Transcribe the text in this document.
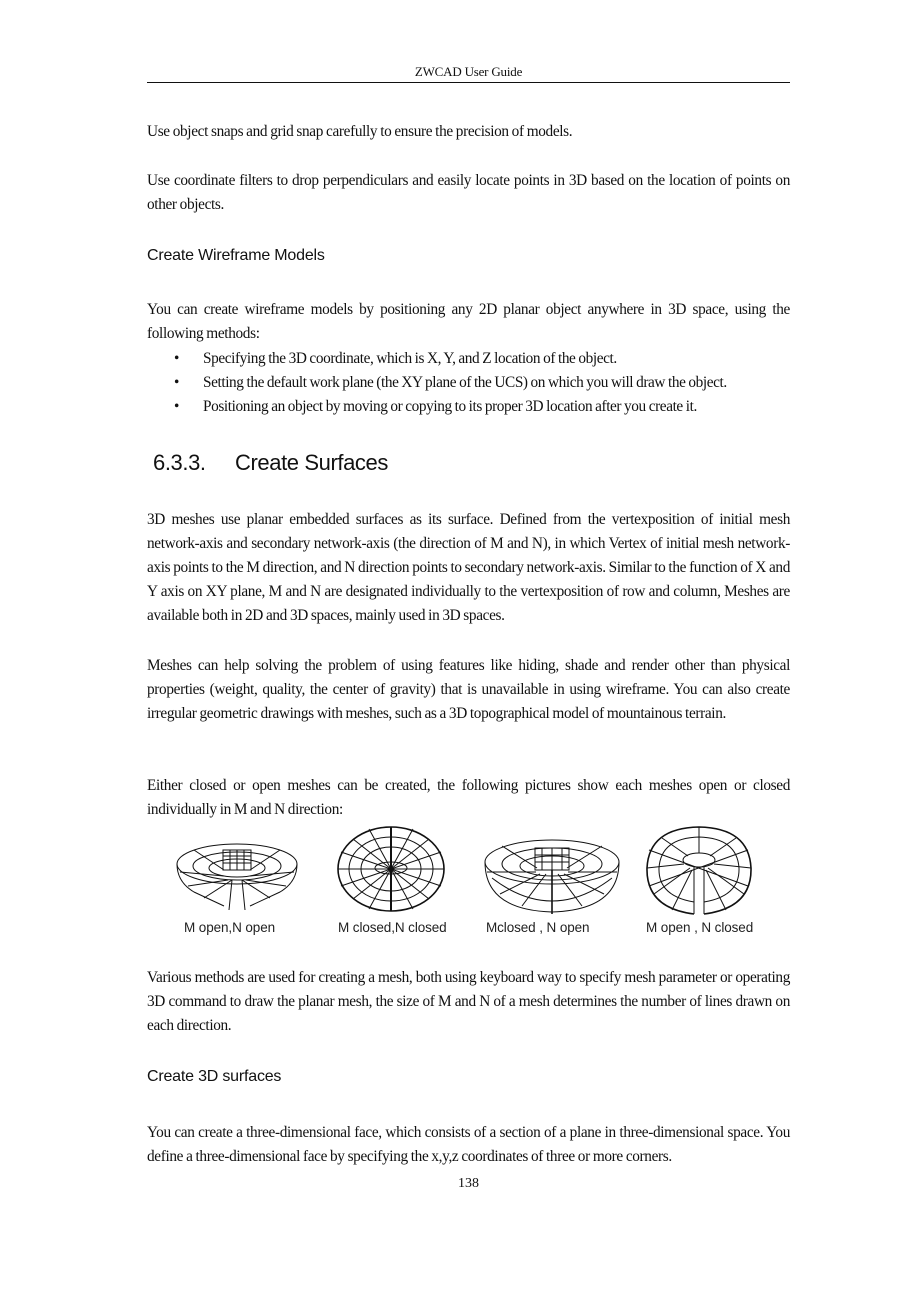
ZWCAD User Guide
Use object snaps and grid snap carefully to ensure the precision of models.
Use coordinate filters to drop perpendiculars and easily locate points in 3D based on the location of points on other objects.
Create Wireframe Models
You can create wireframe models by positioning any 2D planar object anywhere in 3D space, using the following methods:
• Specifying the 3D coordinate, which is X, Y, and Z location of the object.
• Setting the default work plane (the XY plane of the UCS) on which you will draw the object.
• Positioning an object by moving or copying to its proper 3D location after you create it.
6.3.3. Create Surfaces
3D meshes use planar embedded surfaces as its surface. Defined from the vertexposition of initial mesh network-axis and secondary network-axis (the direction of M and N), in which Vertex of initial mesh network-axis points to the M direction, and N direction points to secondary network-axis. Similar to the function of X and Y axis on XY plane, M and N are designated individually to the vertexposition of row and column, Meshes are available both in 2D and 3D spaces, mainly used in 3D spaces.
Meshes can help solving the problem of using features like hiding, shade and render other than physical properties (weight, quality, the center of gravity) that is unavailable in using wireframe. You can also create irregular geometric drawings with meshes, such as a 3D topographical model of mountainous terrain.
Either closed or open meshes can be created, the following pictures show each meshes open or closed individually in M and N direction:
M open,N open	M closed,N closed	Mclosed , N open	M open , N closed
Various methods are used for creating a mesh, both using keyboard way to specify mesh parameter or operating 3D command to draw the planar mesh, the size of M and N of a mesh determines the number of lines drawn on each direction.
Create 3D surfaces
You can create a three-dimensional face, which consists of a section of a plane in three-dimensional space. You define a three-dimensional face by specifying the x,y,z coordinates of three or more corners.
138
